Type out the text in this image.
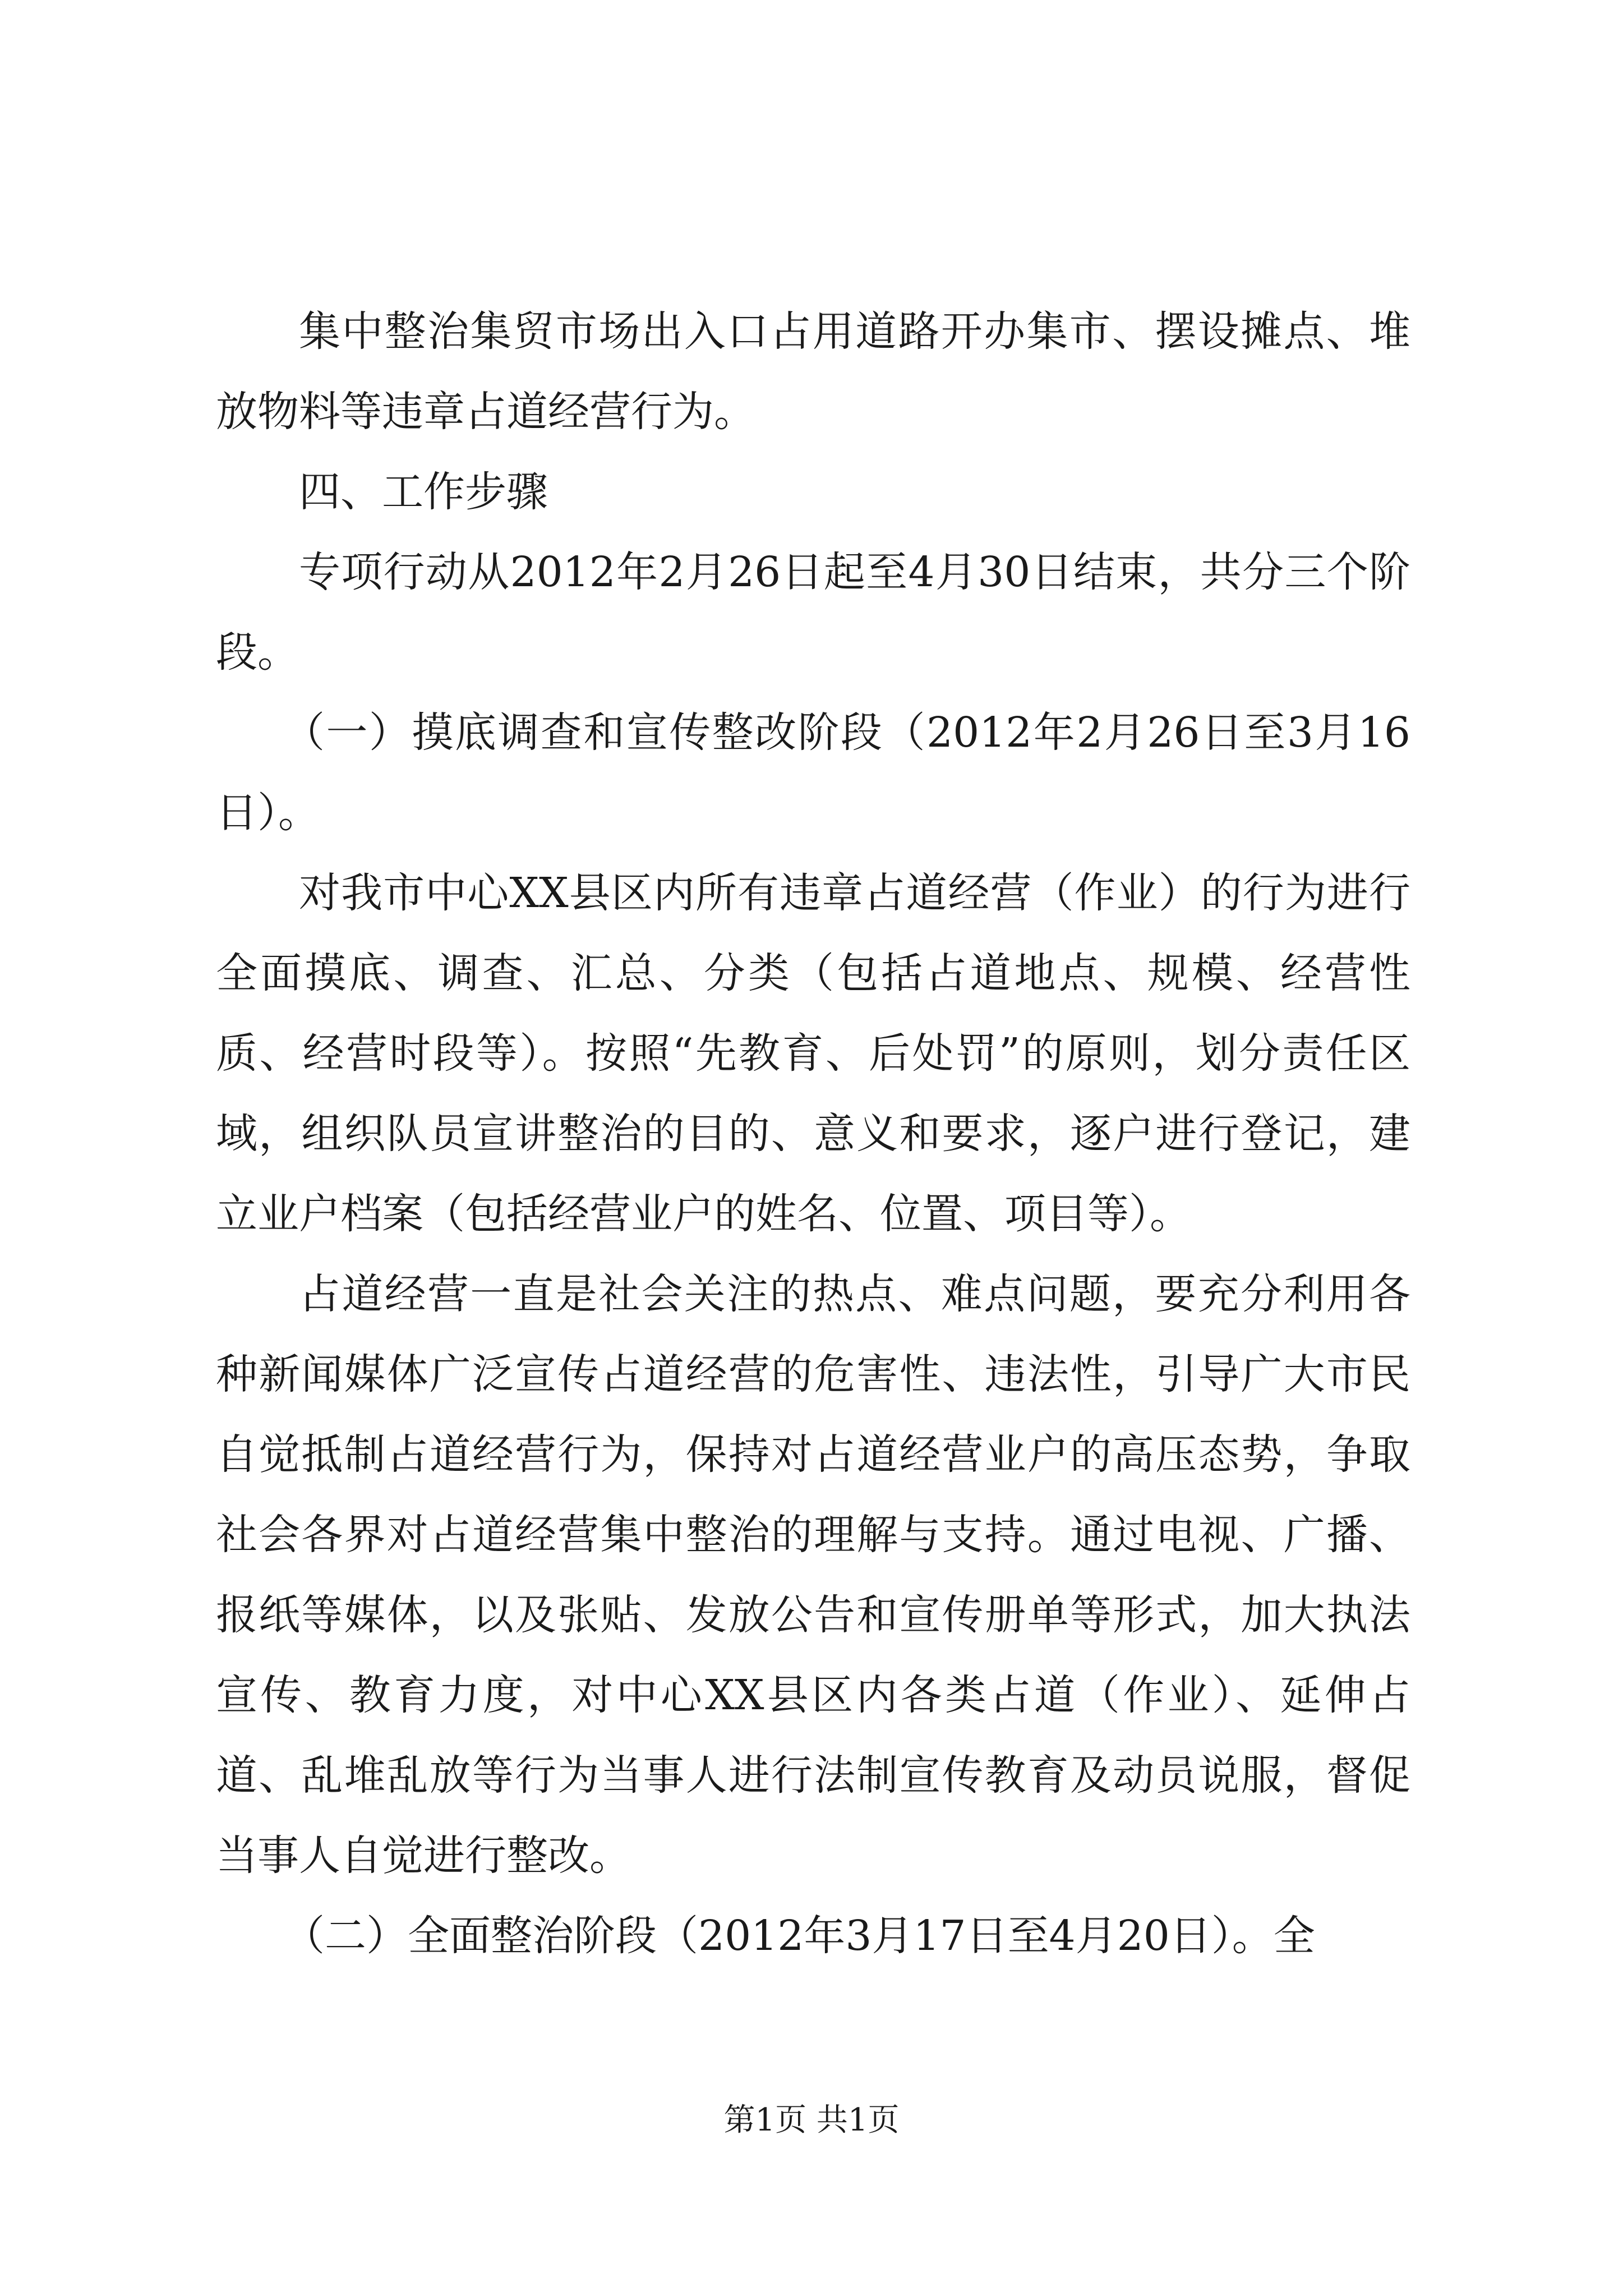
集中整治集贸市场出入口占用道路开办集市、摆设摊点、堆放物料等违章占道经营行为。

四、工作步骤

专项行动从2012年2月26日起至4月30日结束，共分三个阶段。

（一）摸底调查和宣传整改阶段（2012年2月26日至3月16日）。

对我市中心XX县区内所有违章占道经营（作业）的行为进行全面摸底、调查、汇总、分类（包括占道地点、规模、经营性质、经营时段等）。按照“先教育、后处罚”的原则，划分责任区域，组织队员宣讲整治的目的、意义和要求，逐户进行登记，建立业户档案（包括经营业户的姓名、位置、项目等）。

占道经营一直是社会关注的热点、难点问题，要充分利用各种新闻媒体广泛宣传占道经营的危害性、违法性，引导广大市民自觉抵制占道经营行为，保持对占道经营业户的高压态势，争取社会各界对占道经营集中整治的理解与支持。通过电视、广播、报纸等媒体，以及张贴、发放公告和宣传册单等形式，加大执法宣传、教育力度，对中心XX县区内各类占道（作业）、延伸占道、乱堆乱放等行为当事人进行法制宣传教育及动员说服，督促当事人自觉进行整改。

（二）全面整治阶段（2012年3月17日至4月20日）。全

第1页 共1页
